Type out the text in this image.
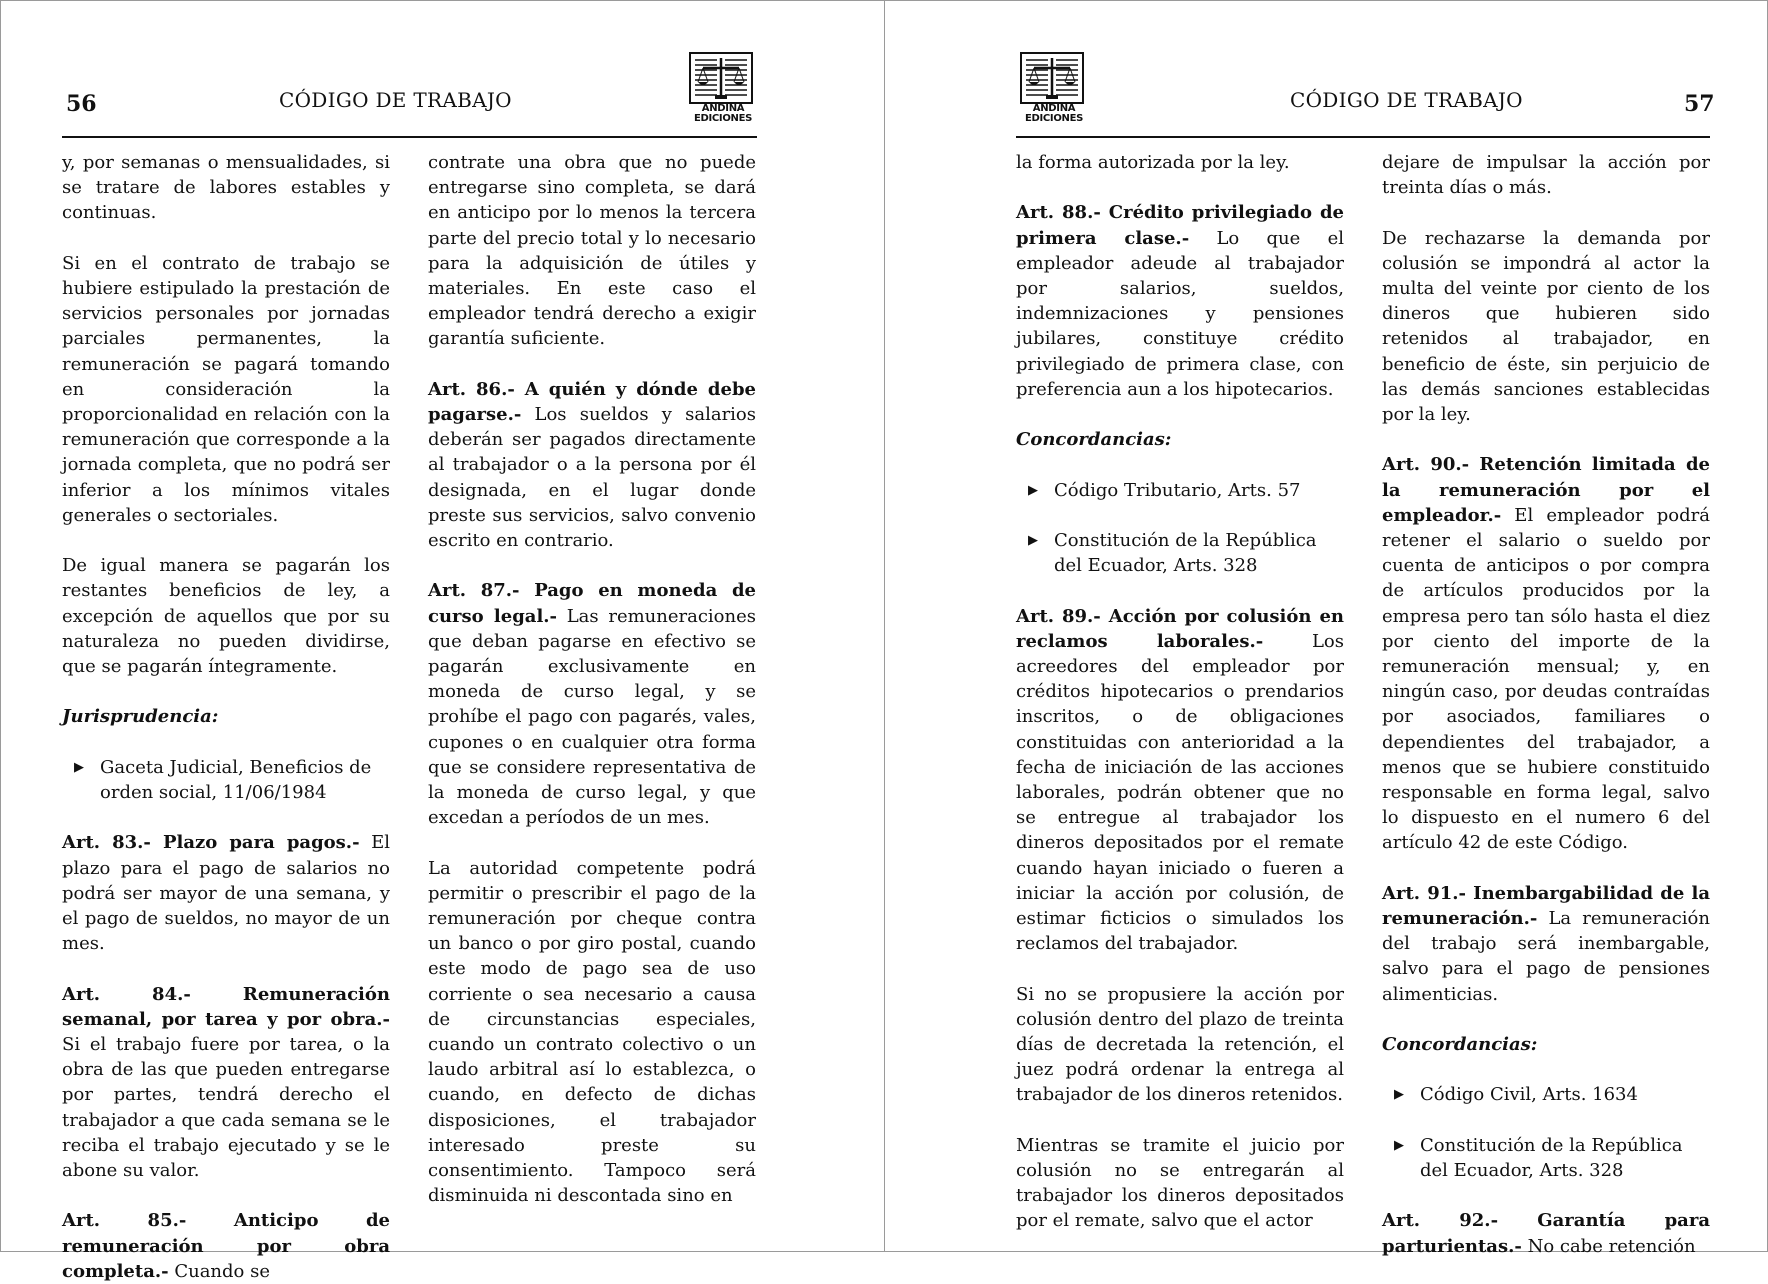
56	CÓDIGO DE TRABAJO	ANDINA
EDICIONES

y, por semanas o mensualidades, si se tratare de labores estables y continuas.

Si en el contrato de trabajo se hubiere estipulado la prestación de servicios personales por jornadas parciales permanentes, la remuneración se pagará tomando en consideración la proporcionalidad en relación con la remuneración que corresponde a la jornada completa, que no podrá ser inferior a los mínimos vitales generales o sectoriales.

De igual manera se pagarán los restantes beneficios de ley, a excepción de aquellos que por su naturaleza no pueden dividirse, que se pagarán íntegramente.

Jurisprudencia:

▶ Gaceta Judicial, Beneficios de orden social, 11/06/1984

Art. 83.- Plazo para pagos.- El plazo para el pago de salarios no podrá ser mayor de una semana, y el pago de sueldos, no mayor de un mes.

Art. 84.- Remuneración semanal, por tarea y por obra.- Si el trabajo fuere por tarea, o la obra de las que pueden entregarse por partes, tendrá derecho el trabajador a que cada semana se le reciba el trabajo ejecutado y se le abone su valor.

Art. 85.- Anticipo de remuneración por obra completa.- Cuando se

contrate una obra que no puede entregarse sino completa, se dará en anticipo por lo menos la tercera parte del precio total y lo necesario para la adquisición de útiles y materiales. En este caso el empleador tendrá derecho a exigir garantía suficiente.

Art. 86.- A quién y dónde debe pagarse.- Los sueldos y salarios deberán ser pagados directamente al trabajador o a la persona por él designada, en el lugar donde preste sus servicios, salvo convenio escrito en contrario.

Art. 87.- Pago en moneda de curso legal.- Las remuneraciones que deban pagarse en efectivo se pagarán exclusivamente en moneda de curso legal, y se prohíbe el pago con pagarés, vales, cupones o en cualquier otra forma que se considere representativa de la moneda de curso legal, y que excedan a períodos de un mes.

La autoridad competente podrá permitir o prescribir el pago de la remuneración por cheque contra un banco o por giro postal, cuando este modo de pago sea de uso corriente o sea necesario a causa de circunstancias especiales, cuando un contrato colectivo o un laudo arbitral así lo establezca, o cuando, en defecto de dichas disposiciones, el trabajador interesado preste su consentimiento. Tampoco será disminuida ni descontada sino en

ANDINA
EDICIONES
CÓDIGO DE TRABAJO	57

la forma autorizada por la ley.

Art. 88.- Crédito privilegiado de primera clase.- Lo que el empleador adeude al trabajador por salarios, sueldos, indemnizaciones y pensiones jubilares, constituye crédito privilegiado de primera clase, con preferencia aun a los hipotecarios.

Concordancias:

▶ Código Tributario, Arts. 57

▶ Constitución de la República del Ecuador, Arts. 328

Art. 89.- Acción por colusión en reclamos laborales.- Los acreedores del empleador por créditos hipotecarios o prendarios inscritos, o de obligaciones constituidas con anterioridad a la fecha de iniciación de las acciones laborales, podrán obtener que no se entregue al trabajador los dineros depositados por el remate cuando hayan iniciado o fueren a iniciar la acción por colusión, de estimar ficticios o simulados los reclamos del trabajador.

Si no se propusiere la acción por colusión dentro del plazo de treinta días de decretada la retención, el juez podrá ordenar la entrega al trabajador de los dineros retenidos.

Mientras se tramite el juicio por colusión no se entregarán al trabajador los dineros depositados por el remate, salvo que el actor

dejare de impulsar la acción por treinta días o más.

De rechazarse la demanda por colusión se impondrá al actor la multa del veinte por ciento de los dineros que hubieren sido retenidos al trabajador, en beneficio de éste, sin perjuicio de las demás sanciones establecidas por la ley.

Art. 90.- Retención limitada de la remuneración por el empleador.- El empleador podrá retener el salario o sueldo por cuenta de anticipos o por compra de artículos producidos por la empresa pero tan sólo hasta el diez por ciento del importe de la remuneración mensual; y, en ningún caso, por deudas contraídas por asociados, familiares o dependientes del trabajador, a menos que se hubiere constituido responsable en forma legal, salvo lo dispuesto en el numero 6 del artículo 42 de este Código.

Art. 91.- Inembargabilidad de la remuneración.- La remuneración del trabajo será inembargable, salvo para el pago de pensiones alimenticias.

Concordancias:

▶ Código Civil, Arts. 1634

▶ Constitución de la República del Ecuador, Arts. 328

Art. 92.- Garantía para parturientas.- No cabe retención
